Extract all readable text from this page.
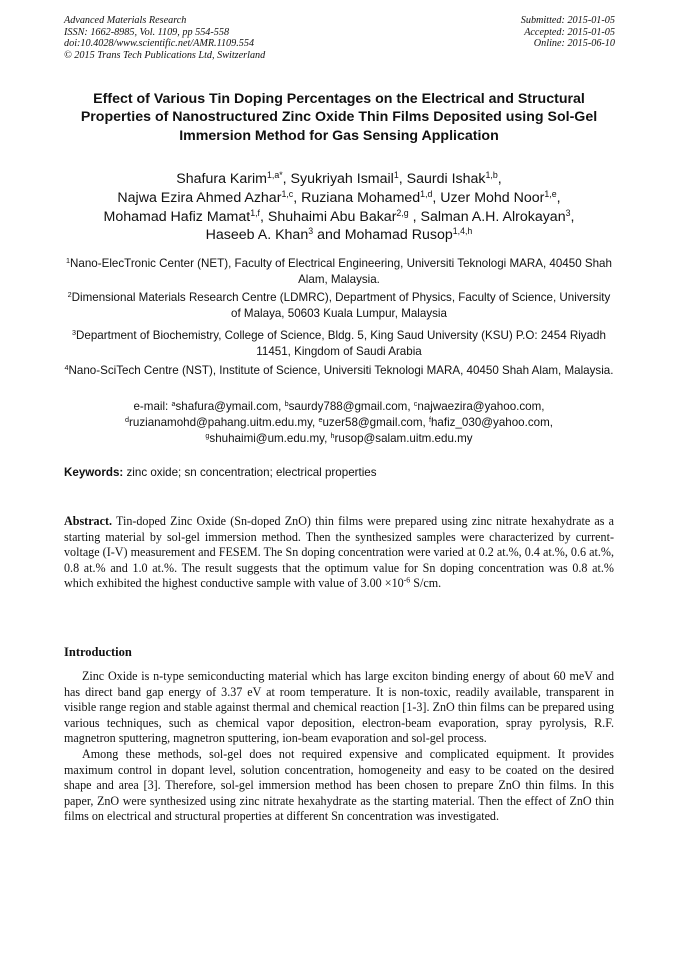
Advanced Materials Research
ISSN: 1662-8985, Vol. 1109, pp 554-558
doi:10.4028/www.scientific.net/AMR.1109.554
© 2015 Trans Tech Publications Ltd, Switzerland
Submitted: 2015-01-05
Accepted: 2015-01-05
Online: 2015-06-10
Effect of Various Tin Doping Percentages on the Electrical and Structural Properties of Nanostructured Zinc Oxide Thin Films Deposited using Sol-Gel Immersion Method for Gas Sensing Application
Shafura Karim$^{1,a*}$, Syukriyah Ismail$^1$, Saurdi Ishak$^{1,b}$,
Najwa Ezira Ahmed Azhar$^{1,c}$, Ruziana Mohamed$^{1,d}$, Uzer Mohd Noor$^{1,e}$,
Mohamad Hafiz Mamat$^{1,f}$, Shuhaimi Abu Bakar$^{2,g}$ , Salman A.H. Alrokayan$^3$,
Haseeb A. Khan$^3$ and Mohamad Rusop$^{1,4,h}$
$^1$Nano-ElecTronic Center (NET), Faculty of Electrical Engineering, Universiti Teknologi MARA, 40450 Shah Alam, Malaysia.
$^2$Dimensional Materials Research Centre (LDMRC), Department of Physics, Faculty of Science, University of Malaya, 50603 Kuala Lumpur, Malaysia
$^3$Department of Biochemistry, College of Science, Bldg. 5, King Saud University (KSU) P.O: 2454 Riyadh 11451, Kingdom of Saudi Arabia
$^4$Nano-SciTech Centre (NST), Institute of Science, Universiti Teknologi MARA, 40450 Shah Alam, Malaysia.
e-mail: $^a$shafura@ymail.com, $^b$saurdy788@gmail.com, $^c$najwaezira@yahoo.com,
$^d$ruzianamohd@pahang.uitm.edu.my, $^e$uzer58@gmail.com, $^f$hafiz_030@yahoo.com,
$^g$shuhaimi@um.edu.my, $^h$rusop@salam.uitm.edu.my
Keywords: zinc oxide; sn concentration; electrical properties
Abstract. Tin-doped Zinc Oxide (Sn-doped ZnO) thin films were prepared using zinc nitrate hexahydrate as a starting material by sol-gel immersion method. Then the synthesized samples were characterized by current-voltage (I-V) measurement and FESEM. The Sn doping concentration were varied at 0.2 at.%, 0.4 at.%, 0.6 at.%, 0.8 at.% and 1.0 at.%. The result suggests that the optimum value for Sn doping concentration was 0.8 at.% which exhibited the highest conductive sample with value of $3.00 \times 10^{-6}$ S/cm.
Introduction

Zinc Oxide is n-type semiconducting material which has large exciton binding energy of about 60 meV and has direct band gap energy of 3.37 eV at room temperature. It is non-toxic, readily available, transparent in visible range region and stable against thermal and chemical reaction [1-3]. ZnO thin films can be prepared using various techniques, such as chemical vapor deposition, electron-beam evaporation, spray pyrolysis, R.F. magnetron sputtering, magnetron sputtering, ion-beam evaporation and sol-gel process.

Among these methods, sol-gel does not required expensive and complicated equipment. It provides maximum control in dopant level, solution concentration, homogeneity and easy to be coated on the desired shape and area [3]. Therefore, sol-gel immersion method has been chosen to prepare ZnO thin films. In this paper, ZnO were synthesized using zinc nitrate hexahydrate as the starting material. Then the effect of ZnO thin films on electrical and structural properties at different Sn concentration was investigated.
